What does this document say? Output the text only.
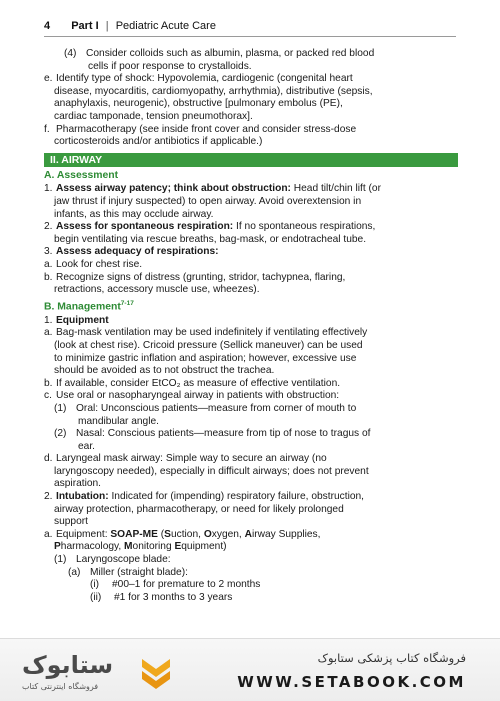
4 Part I | Pediatric Acute Care
(4) Consider colloids such as albumin, plasma, or packed red blood
cells if poor response to crystalloids.
e. Identify type of shock: Hypovolemia, cardiogenic (congenital heart
disease, myocarditis, cardiomyopathy, arrhythmia), distributive (sepsis,
anaphylaxis, neurogenic), obstructive [pulmonary embolus (PE),
cardiac tamponade, tension pneumothorax].
f. Pharmacotherapy (see inside front cover and consider stress-dose
corticosteroids and/or antibiotics if applicable.)
II. AIRWAY
A. Assessment
1. Assess airway patency; think about obstruction: Head tilt/chin lift (or
jaw thrust if injury suspected) to open airway. Avoid overextension in
infants, as this may occlude airway.
2. Assess for spontaneous respiration: If no spontaneous respirations,
begin ventilating via rescue breaths, bag-mask, or endotracheal tube.
3. Assess adequacy of respirations:
a. Look for chest rise.
b. Recognize signs of distress (grunting, stridor, tachypnea, flaring,
retractions, accessory muscle use, wheezes).
B. Management$^{7-17}$
1. Equipment
a. Bag-mask ventilation may be used indefinitely if ventilating effectively
(look at chest rise). Cricoid pressure (Sellick maneuver) can be used
to minimize gastric inflation and aspiration; however, excessive use
should be avoided as to not obstruct the trachea.
b. If available, consider EtCO₂ as measure of effective ventilation.
c. Use oral or nasopharyngeal airway in patients with obstruction:
(1) Oral: Unconscious patients—measure from corner of mouth to
mandibular angle.
(2) Nasal: Conscious patients—measure from tip of nose to tragus of
ear.
d. Laryngeal mask airway: Simple way to secure an airway (no
laryngoscopy needed), especially in difficult airways; does not prevent
aspiration.
2. Intubation: Indicated for (impending) respiratory failure, obstruction,
airway protection, pharmacotherapy, or need for likely prolonged
support
a. Equipment: SOAP-ME (Suction, Oxygen, Airway Supplies,
Pharmacology, Monitoring Equipment)
(1) Laryngoscope blade:
(a) Miller (straight blade):
(i)	#00–1 for premature to 2 months
(ii)	#1 for 3 months to 3 years
ستابوک
فروشگاه اینترنتی کتاب
فروشگاه کتاب پزشکی ستابوک
WWW.SETABOOK.COM
